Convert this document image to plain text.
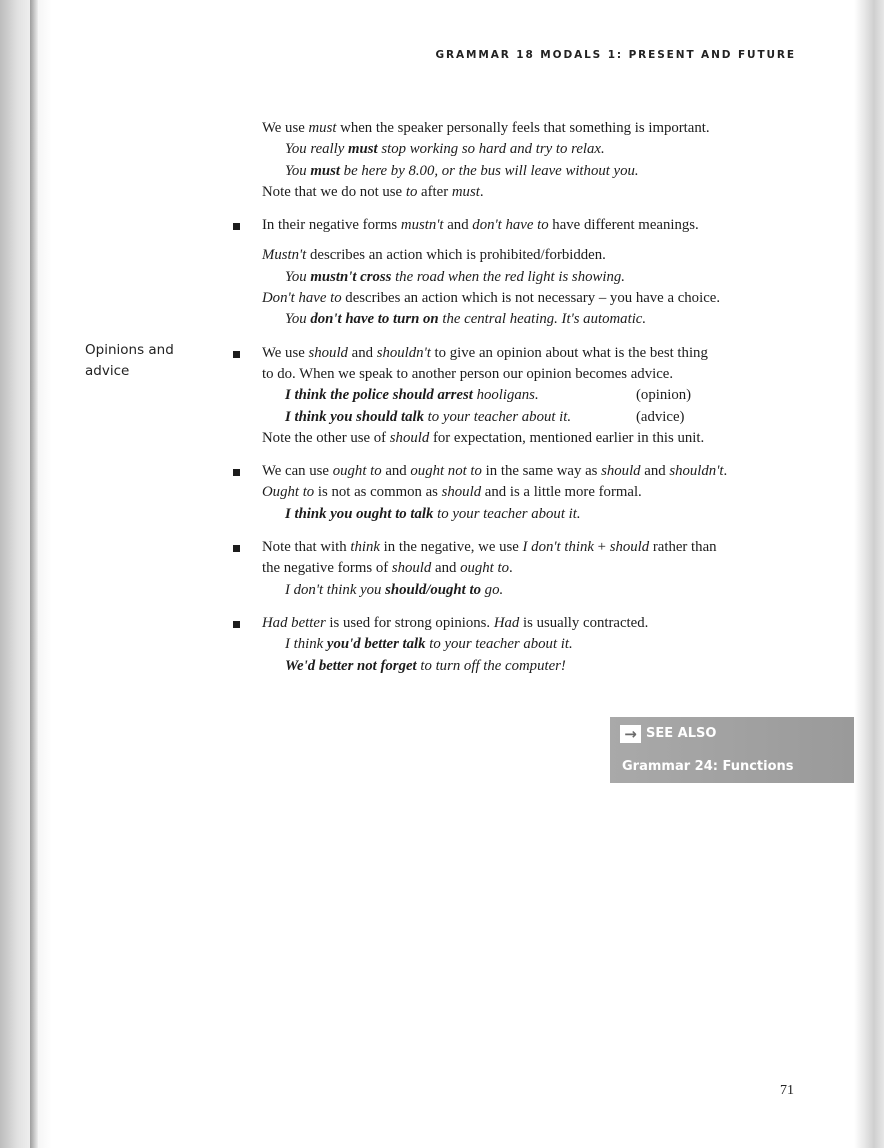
GRAMMAR 18 MODALS 1: PRESENT AND FUTURE
Opinions and
advice

We use must when the speaker personally feels that something is important.

You really must stop working so hard and try to relax.

You must be here by 8.00, or the bus will leave without you.

Note that we do not use to after must.

In their negative forms mustn't and don't have to have different meanings.

Mustn't describes an action which is prohibited/forbidden.

You mustn't cross the road when the red light is showing.

Don't have to describes an action which is not necessary – you have a choice.

You don't have to turn on the central heating. It's automatic.

We use should and shouldn't to give an opinion about what is the best thing

to do. When we speak to another person our opinion becomes advice.

I think the police should arrest hooligans.	(opinion)

I think you should talk to your teacher about it.	(advice)

Note the other use of should for expectation, mentioned earlier in this unit.

We can use ought to and ought not to in the same way as should and shouldn't.

Ought to is not as common as should and is a little more formal.

I think you ought to talk to your teacher about it.

Note that with think in the negative, we use I don't think + should rather than

the negative forms of should and ought to.

I don't think you should/ought to go.

Had better is used for strong opinions. Had is usually contracted.

I think you'd better talk to your teacher about it.

We'd better not forget to turn off the computer!

→ SEE ALSO
Grammar 24: Functions
71
